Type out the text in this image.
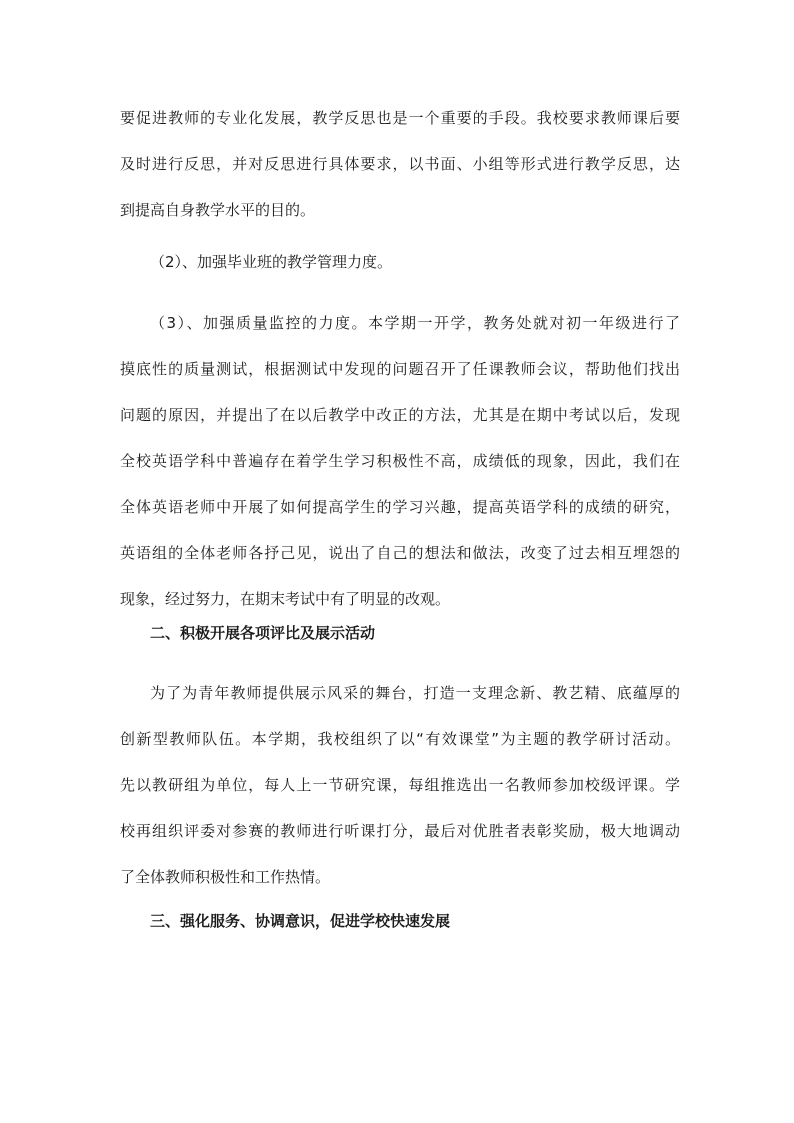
要促进教师的专业化发展，教学反思也是一个重要的手段。我校要求教师课后要
及时进行反思，并对反思进行具体要求，以书面、小组等形式进行教学反思，达
到提高自身教学水平的目的。
（2）、加强毕业班的教学管理力度。
（3）、加强质量监控的力度。本学期一开学，教务处就对初一年级进行了
摸底性的质量测试，根据测试中发现的问题召开了任课教师会议，帮助他们找出
问题的原因，并提出了在以后教学中改正的方法，尤其是在期中考试以后，发现
全校英语学科中普遍存在着学生学习积极性不高，成绩低的现象，因此，我们在
全体英语老师中开展了如何提高学生的学习兴趣，提高英语学科的成绩的研究，
英语组的全体老师各抒己见，说出了自己的想法和做法，改变了过去相互埋怨的
现象，经过努力，在期末考试中有了明显的改观。
二、积极开展各项评比及展示活动
为了为青年教师提供展示风采的舞台，打造一支理念新、教艺精、底蕴厚的
创新型教师队伍。本学期，我校组织了以“有效课堂”为主题的教学研讨活动。
先以教研组为单位，每人上一节研究课，每组推选出一名教师参加校级评课。学
校再组织评委对参赛的教师进行听课打分，最后对优胜者表彰奖励，极大地调动
了全体教师积极性和工作热情。
三、强化服务、协调意识，促进学校快速发展
